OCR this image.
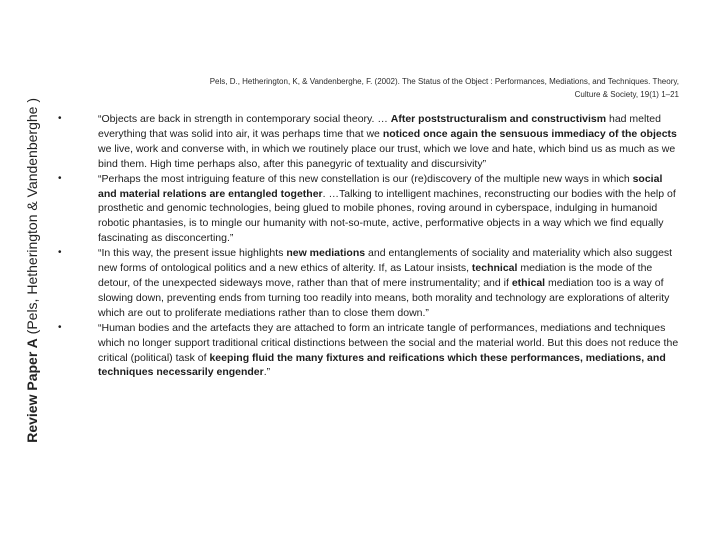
Review Paper A (Pels, Hetherington & Vandenberghe )
Pels, D., Hetherington, K, & Vandenberghe, F. (2002). The Status of the Object : Performances, Mediations, and Techniques. Theory,
Culture & Society, 19(1) 1–21
•	“Objects are back in strength in contemporary social theory. … After poststructuralism and constructivism had melted everything that was solid into air, it was perhaps time that we noticed once again the sensuous immediacy of the objects we live, work and converse with, in which we routinely place our trust, which we love and hate, which bind us as much as we bind them. High time perhaps also, after this panegyric of textuality and discursivity”
•	“Perhaps the most intriguing feature of this new constellation is our (re)discovery of the multiple new ways in which social and material relations are entangled together. …Talking to intelligent machines, reconstructing our bodies with the help of prosthetic and genomic technologies, being glued to mobile phones, roving around in cyberspace, indulging in humanoid robotic phantasies, is to mingle our humanity with not-so-mute, active, performative objects in a way which we find equally fascinating as disconcerting.”
•	“In this way, the present issue highlights new mediations and entanglements of sociality and materiality which also suggest new forms of ontological politics and a new ethics of alterity. If, as Latour insists, technical mediation is the mode of the detour, of the unexpected sideways move, rather than that of mere instrumentality; and if ethical mediation too is a way of slowing down, preventing ends from turning too readily into means, both morality and technology are explorations of alterity which are out to proliferate mediations rather than to close them down.”
•	“Human bodies and the artefacts they are attached to form an intricate tangle of performances, mediations and techniques which no longer support traditional critical distinctions between the social and the material world. But this does not reduce the critical (political) task of keeping fluid the many fixtures and reifications which these performances, mediations, and techniques necessarily engender.”
